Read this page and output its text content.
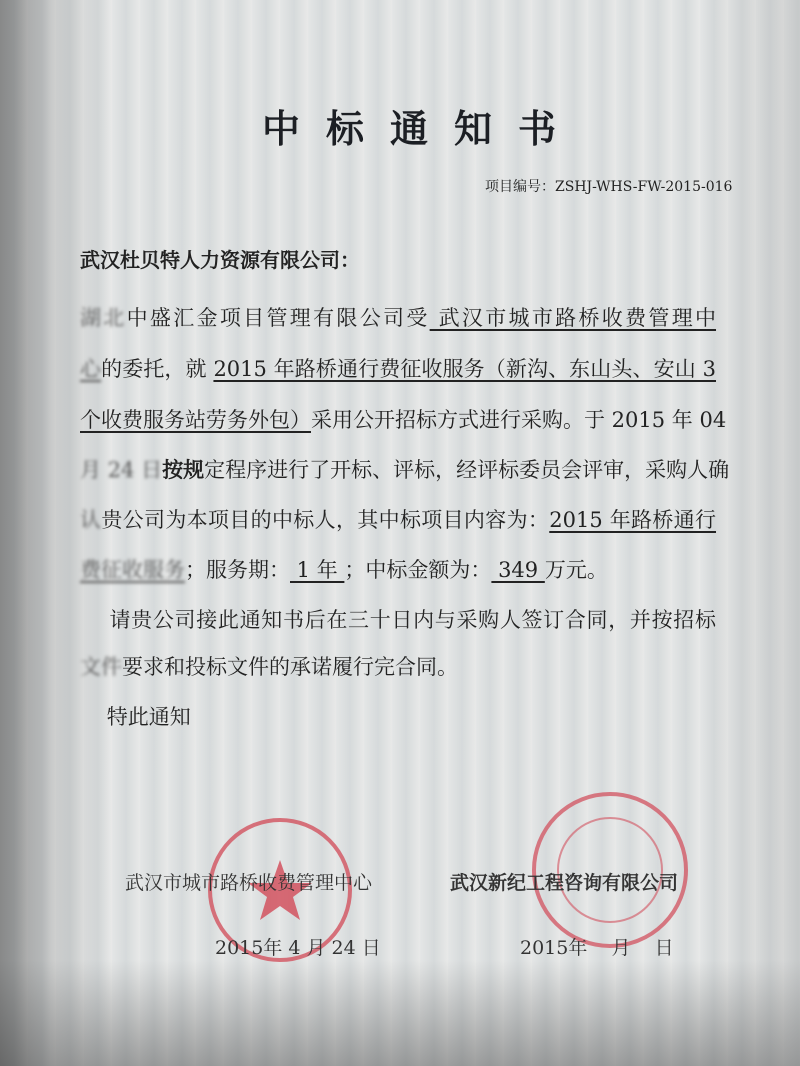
中标通知书
项目编号：ZSHJ-WHS-FW-2015-016
武汉杜贝特人力资源有限公司：
湖北中盛汇金项目管理有限公司受 武汉市城市路桥收费管理中
心的委托，就 2015 年路桥通行费征收服务（新沟、东山头、安山 3
个收费服务站劳务外包）采用公开招标方式进行采购。于 2015 年 04
月 24 日按规定程序进行了开标、评标，经评标委员会评审，采购人确
认贵公司为本项目的中标人，其中标项目内容为：2015 年路桥通行
费征收服务；服务期： 1 年 ；中标金额为： 349 万元。
请贵公司接此通知书后在三十日内与采购人签订合同，并按招标
文件要求和投标文件的承诺履行完合同。
特此通知
武汉市城市路桥收费管理中心
2015年 4 月 24 日
武汉新纪工程咨询有限公司
2015年    月    日
